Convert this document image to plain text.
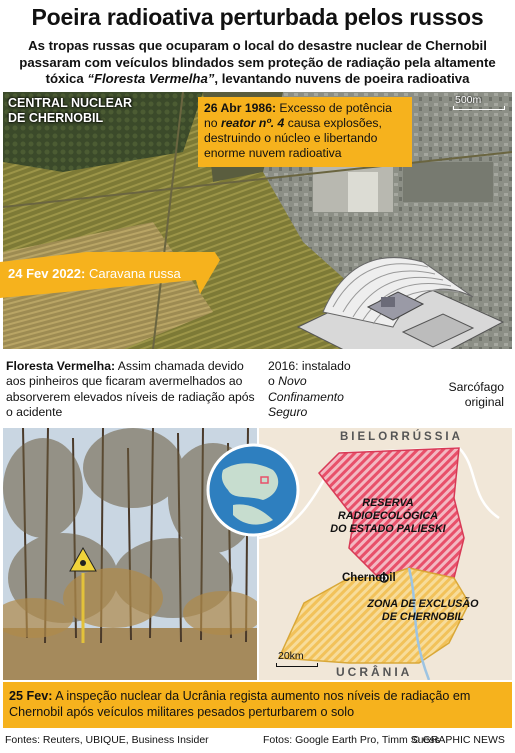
Poeira radioativa perturbada pelos russos
As tropas russas que ocuparam o local do desastre nuclear de Chernobil passaram com veículos blindados sem proteção de radiação pela altamente tóxica “Floresta Vermelha”, levantando nuvens de poeira radioativa
CENTRAL NUCLEAR
DE CHERNOBIL
500m
26 Abr 1986: Excesso de potência no reator nº. 4 causa explosões, destruindo o núcleo e libertando enorme nuvem radioativa
24 Fev 2022: Caravana russa
Floresta Vermelha: Assim chamada devido aos pinheiros que ficaram avermelhados ao absorverem elevados níveis de radiação após o acidente
2016: instalado o Novo Confinamento Seguro
Sarcófago
original
BIELORRÚSSIA
UCRÂNIA
RESERVA
RADIOECOLÓGICA
DO ESTADO PALIESKI
Chernobil
ZONA DE EXCLUSÃO
DE CHERNOBIL
20km
25 Fev: A inspeção nuclear da Ucrânia regista aumento nos níveis de radiação em Chernobil após veículos militares pesados perturbarem o solo
Fontes: Reuters, UBIQUE, Business Insider	Fotos: Google Earth Pro, Timm Suess
© GRAPHIC NEWS
